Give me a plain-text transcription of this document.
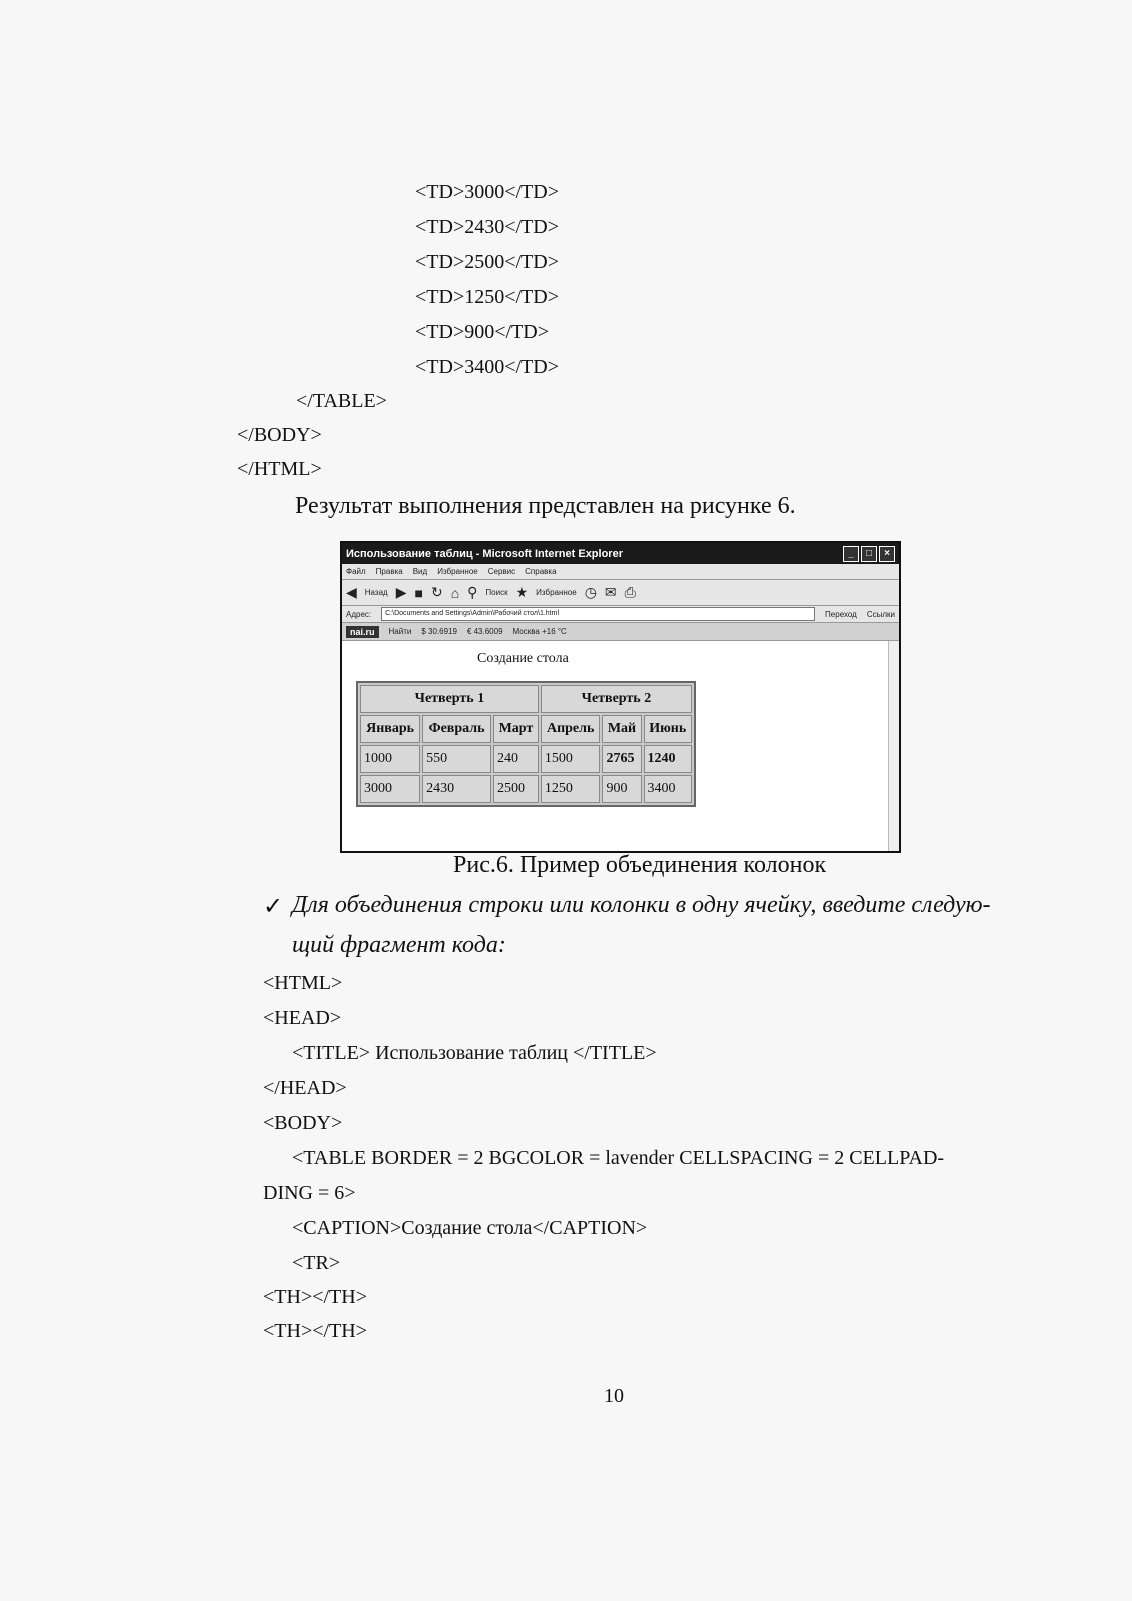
<TD>3000</TD>
<TD>2430</TD>
<TD>2500</TD>
<TD>1250</TD>
<TD>900</TD>
<TD>3400</TD>
</TABLE>
</BODY>
</HTML>
Результат выполнения представлен на рисунке 6.
Использование таблиц - Microsoft Internet Explorer	_	□	×
Файл Правка Вид Избранное Сервис Справка
◀ Назад ▶ ■ ↻ ⌂ ⚲ Поиск ★ Избранное ◷ ✉ ⎙
Адрес:	C:\Documents and Settings\Admin\Рабочий стол\1.html	Переход Ссылки
nai.ru	Найти $ 30.6919 € 43.6009 Москва +16 °С
Создание стола
Четверть 1			Четверть 2		
Январь	Февраль	Март	Апрель	Май	Июнь
1000	550	240	1500	2765	1240
3000	2430	2500	1250	900	3400
Рис.6. Пример объединения колонок
✓ Для объединения строки или колонки в одну ячейку, введите следую-
щий фрагмент кода:
<HTML>
<HEAD>
<TITLE> Использование таблиц </TITLE>
</HEAD>
<BODY>
<TABLE BORDER = 2 BGCOLOR = lavender CELLSPACING = 2 CELLPAD-
DING = 6>
<CAPTION>Создание стола</CAPTION>
<TR>
<TH></TH>
<TH></TH>
10
